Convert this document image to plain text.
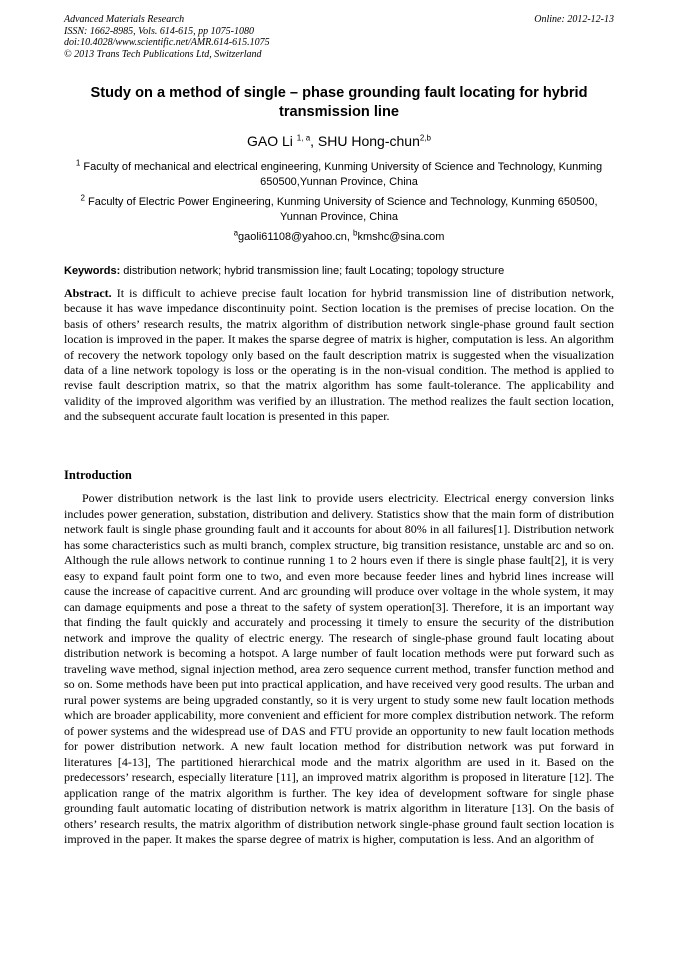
Advanced Materials Research
ISSN: 1662-8985, Vols. 614-615, pp 1075-1080
doi:10.4028/www.scientific.net/AMR.614-615.1075
© 2013 Trans Tech Publications Ltd, Switzerland
Online: 2012-12-13
Study on a method of single – phase grounding fault locating for hybrid transmission line
GAO Li $^{1, a}$, SHU Hong-chun$^{2,b}$
$^1$ Faculty of mechanical and electrical engineering, Kunming University of Science and Technology, Kunming 650500,Yunnan Province, China
$^2$ Faculty of Electric Power Engineering, Kunming University of Science and Technology, Kunming 650500, Yunnan Province, China
$^a$gaoli61108@yahoo.cn, $^b$kmshc@sina.com
Keywords: distribution network; hybrid transmission line; fault Locating; topology structure
Abstract. It is difficult to achieve precise fault location for hybrid transmission line of distribution network, because it has wave impedance discontinuity point. Section location is the premises of precise location. On the basis of others’ research results, the matrix algorithm of distribution network single-phase ground fault section location is improved in the paper. It makes the sparse degree of matrix is higher, computation is less. An algorithm of recovery the network topology only based on the fault description matrix is suggested when the visualization data of a line network topology is loss or the operating is in the non-visual condition. The method is applied to revise fault description matrix, so that the matrix algorithm has some fault-tolerance. The applicability and validity of the improved algorithm was verified by an illustration. The method realizes the fault section location, and the subsequent accurate fault location is presented in this paper.
Introduction

Power distribution network is the last link to provide users electricity. Electrical energy conversion links includes power generation, substation, distribution and delivery. Statistics show that the main form of distribution network fault is single phase grounding fault and it accounts for about 80% in all failures[1]. Distribution network has some characteristics such as multi branch, complex structure, big transition resistance, unstable arc and so on. Although the rule allows network to continue running 1 to 2 hours even if there is single phase fault[2], it is very easy to expand fault point form one to two, and even more because feeder lines and hybrid lines increase will cause the increase of capacitive current. And arc grounding will produce over voltage in the whole system, it may can damage equipments and pose a threat to the safety of system operation[3]. Therefore, it is an important way that finding the fault quickly and accurately and processing it timely to ensure the security of the distribution network and improve the quality of electric energy. The research of single-phase ground fault locating about distribution network is becoming a hotspot. A large number of fault location methods were put forward such as traveling wave method, signal injection method, area zero sequence current method, transfer function method and so on. Some methods have been put into practical application, and have received very good results. The urban and rural power systems are being upgraded constantly, so it is very urgent to study some new fault location methods which are broader applicability, more convenient and efficient for more complex distribution network. The reform of power systems and the widespread use of DAS and FTU provide an opportunity to new fault location methods for power distribution network. A new fault location method for distribution network was put forward in literatures [4-13], The partitioned hierarchical mode and the matrix algorithm are used in it. Based on the predecessors’ research, especially literature [11], an improved matrix algorithm is proposed in literature [12]. The application range of the matrix algorithm is further. The key idea of development software for single phase grounding fault automatic locating of distribution network is matrix algorithm in literature [13]. On the basis of others’ research results, the matrix algorithm of distribution network single-phase ground fault section location is improved in the paper. It makes the sparse degree of matrix is higher, computation is less. And an algorithm of
